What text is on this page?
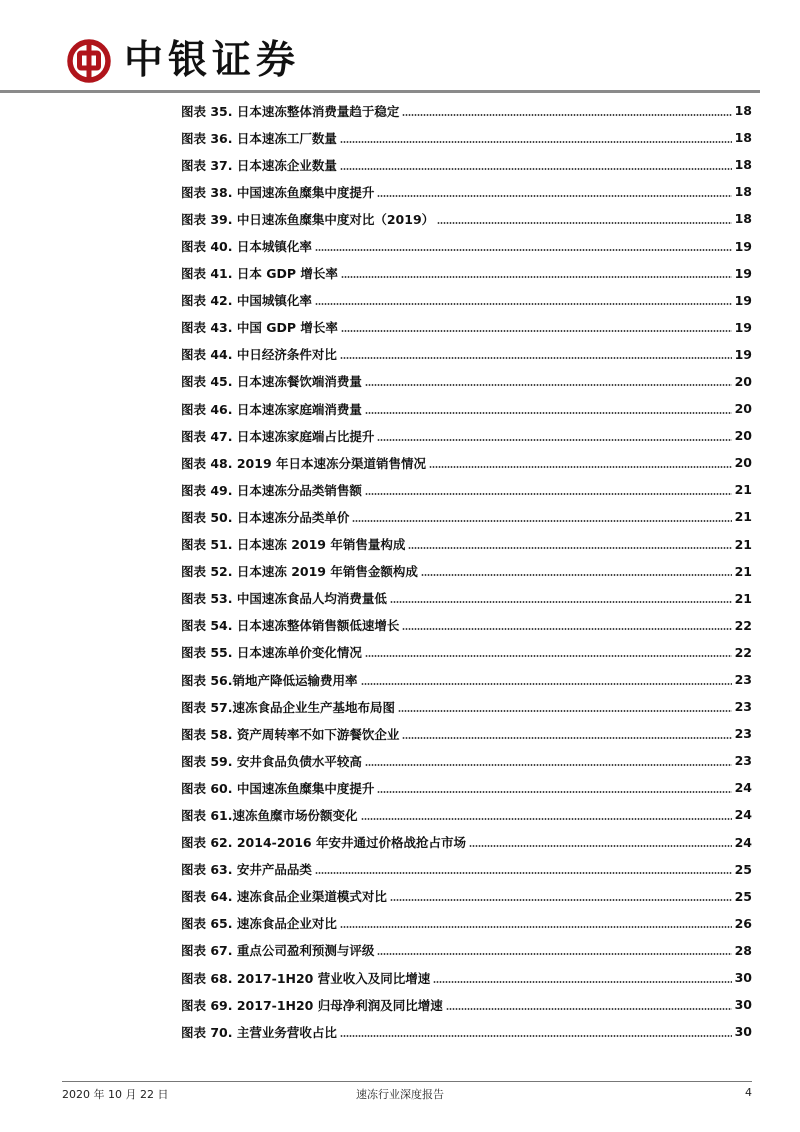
中银证券
图表 35. 日本速冻整体消费量趋于稳定	18
图表 36. 日本速冻工厂数量	18
图表 37. 日本速冻企业数量	18
图表 38. 中国速冻鱼糜集中度提升	18
图表 39. 中日速冻鱼糜集中度对比（2019）	18
图表 40. 日本城镇化率	19
图表 41. 日本 GDP 增长率	19
图表 42. 中国城镇化率	19
图表 43. 中国 GDP 增长率	19
图表 44. 中日经济条件对比	19
图表 45. 日本速冻餐饮端消费量	20
图表 46. 日本速冻家庭端消费量	20
图表 47. 日本速冻家庭端占比提升	20
图表 48. 2019 年日本速冻分渠道销售情况	20
图表 49. 日本速冻分品类销售额	21
图表 50. 日本速冻分品类单价	21
图表 51. 日本速冻 2019 年销售量构成	21
图表 52. 日本速冻 2019 年销售金额构成	21
图表 53. 中国速冻食品人均消费量低	21
图表 54. 日本速冻整体销售额低速增长	22
图表 55. 日本速冻单价变化情况	22
图表 56.销地产降低运输费用率	23
图表 57.速冻食品企业生产基地布局图	23
图表 58. 资产周转率不如下游餐饮企业	23
图表 59. 安井食品负债水平较高	23
图表 60. 中国速冻鱼糜集中度提升	24
图表 61.速冻鱼糜市场份额变化	24
图表 62. 2014-2016 年安井通过价格战抢占市场	24
图表 63. 安井产品品类	25
图表 64. 速冻食品企业渠道模式对比	25
图表 65. 速冻食品企业对比	26
图表 67. 重点公司盈利预测与评级	28
图表 68. 2017-1H20 营业收入及同比增速	30
图表 69. 2017-1H20 归母净利润及同比增速	30
图表 70. 主营业务营收占比	30
2020 年 10 月 22 日	速冻行业深度报告	4
